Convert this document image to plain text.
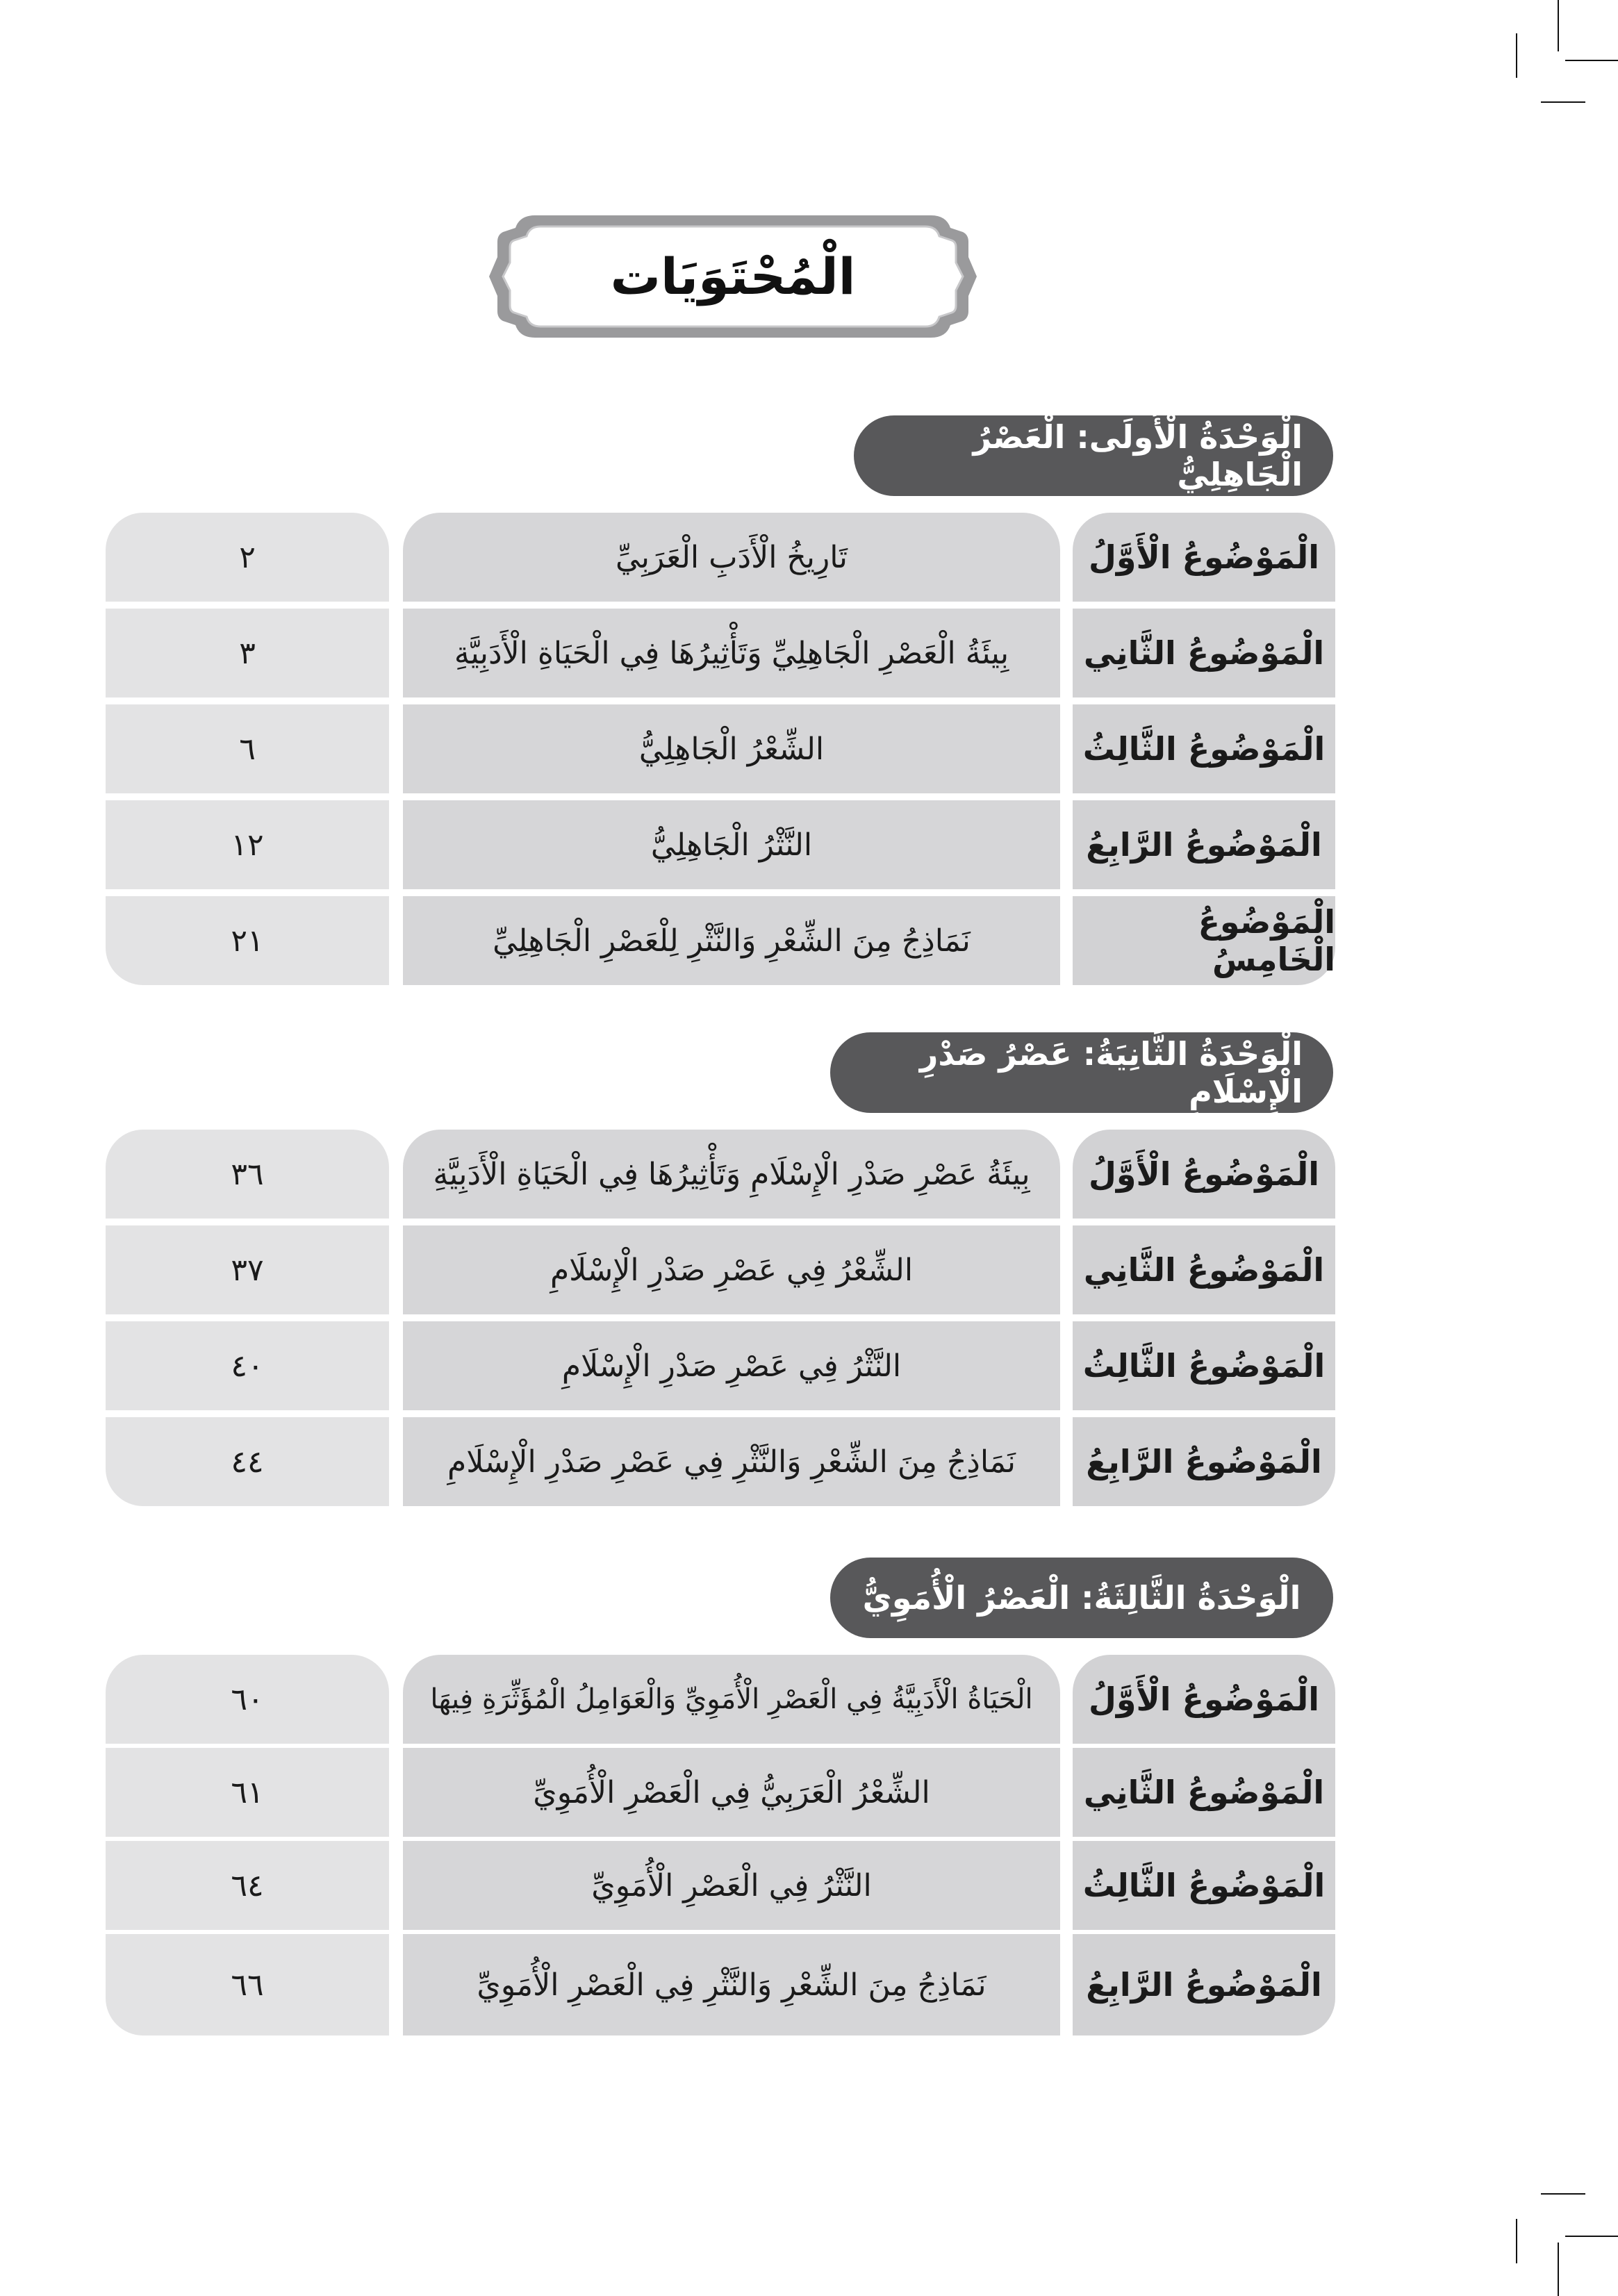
الْمُحْتَوَيَات
الْوَحْدَةُ الْأُولَى: الْعَصْرُ الْجَاهِلِيُّ
٢	تَارِيخُ الْأَدَبِ الْعَرَبِيِّ	الْمَوْضُوعُ الْأَوَّلُ
٣	بِيئَةُ الْعَصْرِ الْجَاهِلِيِّ وَتَأْثِيرُهَا فِي الْحَيَاةِ الْأَدَبِيَّةِ	الْمَوْضُوعُ الثَّانِي
٦	الشِّعْرُ الْجَاهِلِيُّ	الْمَوْضُوعُ الثَّالِثُ
١٢	النَّثْرُ الْجَاهِلِيُّ	الْمَوْضُوعُ الرَّابِعُ
٢١	نَمَاذِجُ مِنَ الشِّعْرِ وَالنَّثْرِ لِلْعَصْرِ الْجَاهِلِيِّ	الْمَوْضُوعُ الْخَامِسُ
الْوَحْدَةُ الثَّانِيَةُ: عَصْرُ صَدْرِ الْإِسْلَامِ
٣٦	بِيئَةُ عَصْرِ صَدْرِ الْإِسْلَامِ وَتَأْثِيرُهَا فِي الْحَيَاةِ الْأَدَبِيَّةِ	الْمَوْضُوعُ الْأَوَّلُ
٣٧	الشِّعْرُ فِي عَصْرِ صَدْرِ الْإِسْلَامِ	الْمَوْضُوعُ الثَّانِي
٤٠	النَّثْرُ فِي عَصْرِ صَدْرِ الْإِسْلَامِ	الْمَوْضُوعُ الثَّالِثُ
٤٤	نَمَاذِجُ مِنَ الشِّعْرِ وَالنَّثْرِ فِي عَصْرِ صَدْرِ الْإِسْلَامِ	الْمَوْضُوعُ الرَّابِعُ
الْوَحْدَةُ الثَّالِثَةُ: الْعَصْرُ الْأُمَوِيُّ
٦٠	الْحَيَاةُ الْأَدَبِيَّةُ فِي الْعَصْرِ الْأُمَوِيِّ وَالْعَوَامِلُ الْمُؤَثِّرَةِ فِيهَا	الْمَوْضُوعُ الْأَوَّلُ
٦١	الشِّعْرُ الْعَرَبِيُّ فِي الْعَصْرِ الْأُمَوِيِّ	الْمَوْضُوعُ الثَّانِي
٦٤	النَّثْرُ فِي الْعَصْرِ الْأُمَوِيِّ	الْمَوْضُوعُ الثَّالِثُ
٦٦	نَمَاذِجُ مِنَ الشِّعْرِ وَالنَّثْرِ فِي الْعَصْرِ الْأُمَوِيِّ	الْمَوْضُوعُ الرَّابِعُ
